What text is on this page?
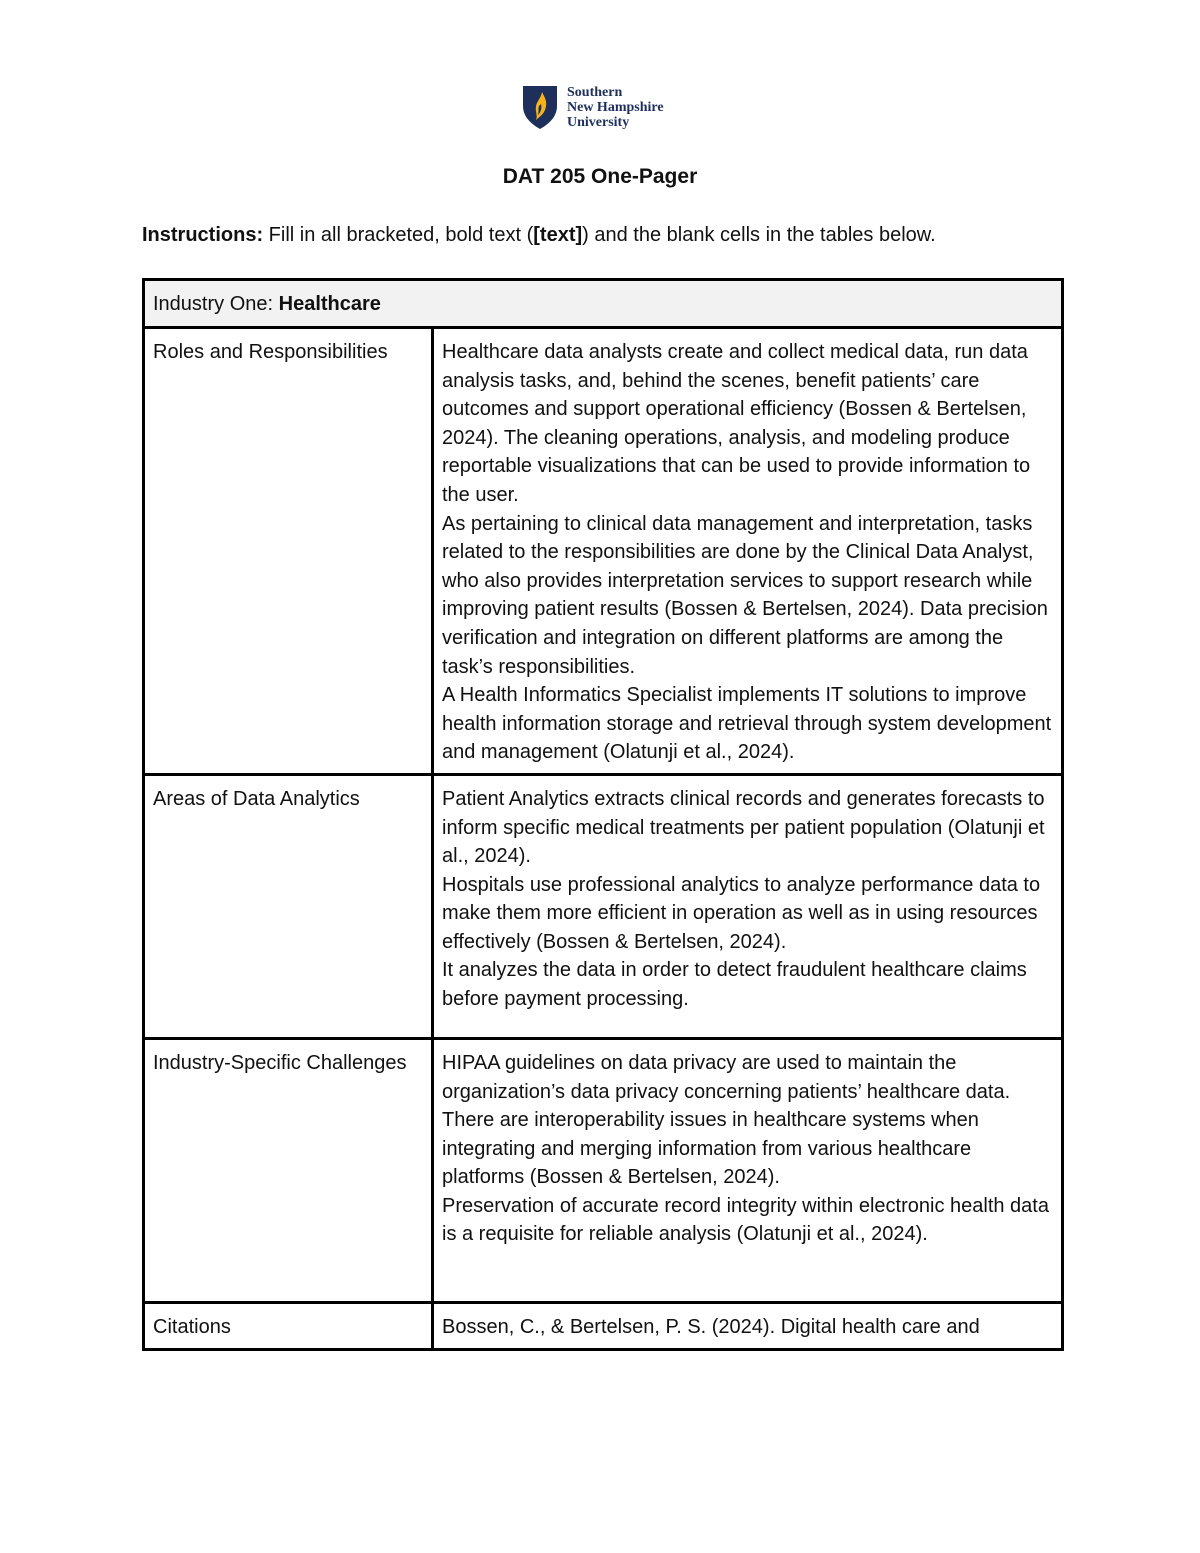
Southern
New Hampshire
University
DAT 205 One-Pager
Instructions: Fill in all bracketed, bold text ([text]) and the blank cells in the tables below.
Industry One: Healthcare	
Roles and Responsibilities	Healthcare data analysts create and collect medical data, run data analysis tasks, and, behind the scenes, benefit patients’ care outcomes and support operational efficiency (Bossen & Bertelsen, 2024). The cleaning operations, analysis, and modeling produce reportable visualizations that can be used to provide information to the user.
As pertaining to clinical data management and interpretation, tasks related to the responsibilities are done by the Clinical Data Analyst, who also provides interpretation services to support research while improving patient results (Bossen & Bertelsen, 2024). Data precision verification and integration on different platforms are among the task’s responsibilities.
A Health Informatics Specialist implements IT solutions to improve health information storage and retrieval through system development and management (Olatunji et al., 2024).

Areas of Data Analytics	Patient Analytics extracts clinical records and generates forecasts to inform specific medical treatments per patient population (Olatunji et al., 2024).
Hospitals use professional analytics to analyze performance data to make them more efficient in operation as well as in using resources effectively (Bossen & Bertelsen, 2024).
It analyzes the data in order to detect fraudulent healthcare claims before payment processing.

Industry-Specific Challenges	HIPAA guidelines on data privacy are used to maintain the organization’s data privacy concerning patients’ healthcare data.
There are interoperability issues in healthcare systems when integrating and merging information from various healthcare platforms (Bossen & Bertelsen, 2024).
Preservation of accurate record integrity within electronic health data is a requisite for reliable analysis (Olatunji et al., 2024).

Citations	Bossen, C., & Bertelsen, P. S. (2024). Digital health care and
